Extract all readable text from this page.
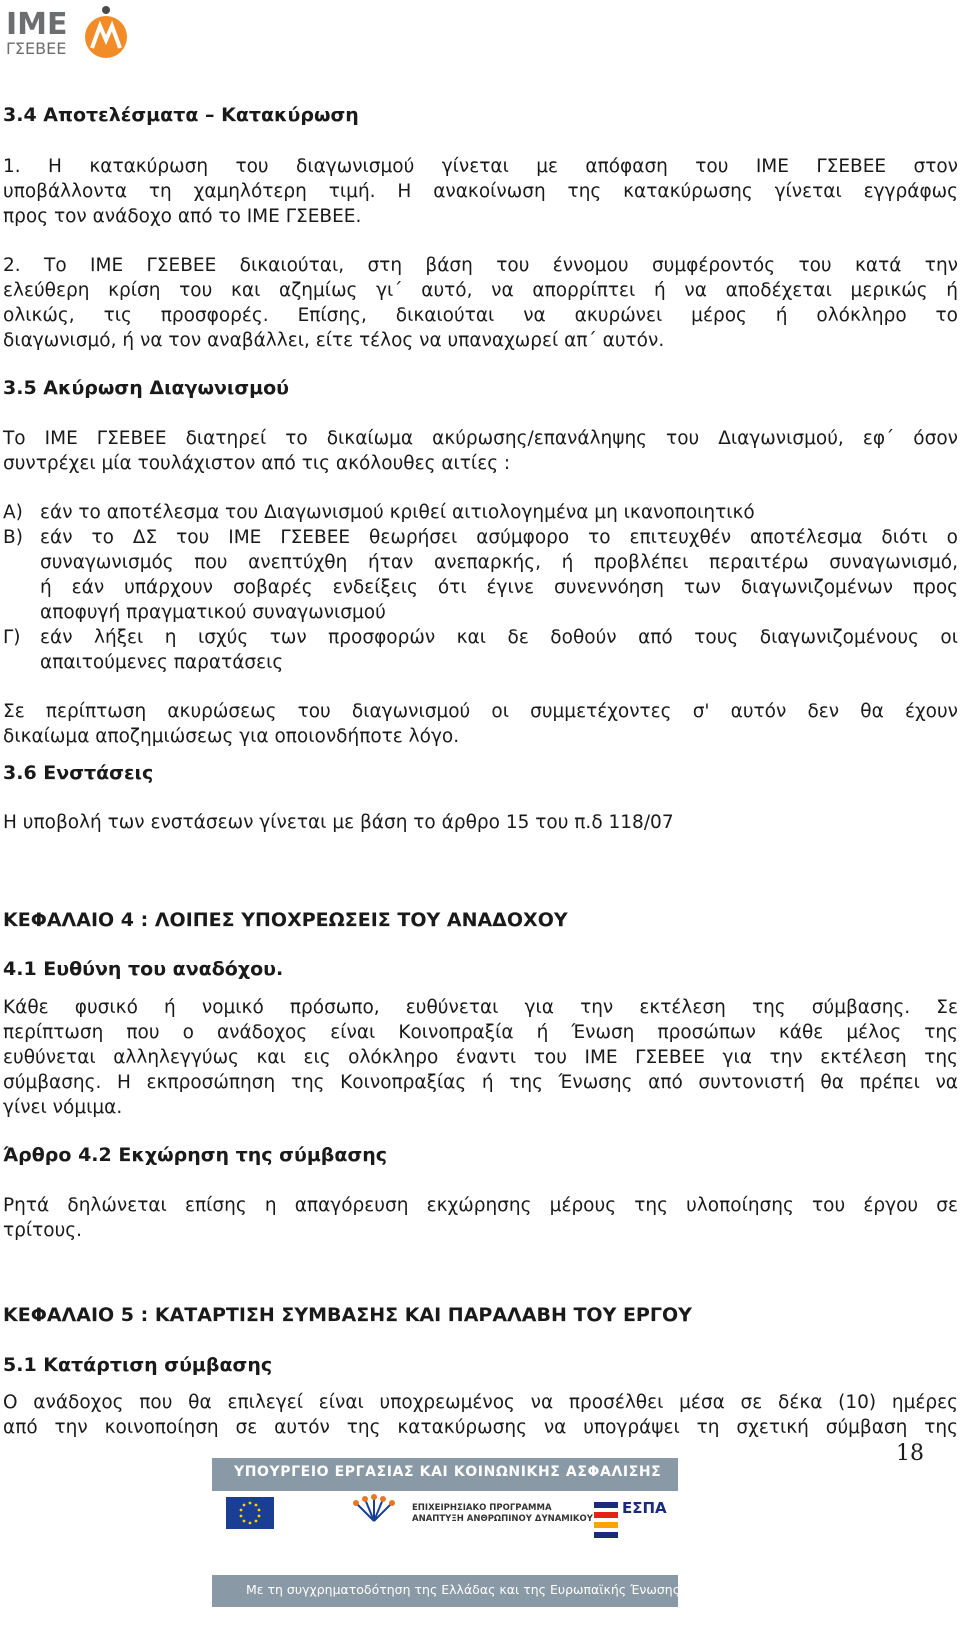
ΙΜΕ
ΓΣΕΒΕΕ
3.4 Αποτελέσματα – Κατακύρωση
1. Η κατακύρωση του διαγωνισμού γίνεται με απόφαση του ΙΜΕ ΓΣΕΒΕΕ στον
υποβάλλοντα τη χαμηλότερη τιμή. Η ανακοίνωση της κατακύρωσης γίνεται εγγράφως
προς τον ανάδοχο από το ΙΜΕ ΓΣΕΒΕΕ.
2. Το ΙΜΕ ΓΣΕΒΕΕ δικαιούται, στη βάση του έννομου συμφέροντός του κατά την
ελεύθερη κρίση του και αζημίως γι΄ αυτό, να απορρίπτει ή να αποδέχεται μερικώς ή
ολικώς, τις προσφορές. Επίσης, δικαιούται να ακυρώνει μέρος ή ολόκληρο το
διαγωνισμό, ή να τον αναβάλλει, είτε τέλος να υπαναχωρεί απ΄ αυτόν.
3.5 Ακύρωση Διαγωνισμού
Το ΙΜΕ ΓΣΕΒΕΕ διατηρεί το δικαίωμα ακύρωσης/επανάληψης του Διαγωνισμού, εφ΄ όσον
συντρέχει μία τουλάχιστον από τις ακόλουθες αιτίες :
Α) εάν το αποτέλεσμα του Διαγωνισμού κριθεί αιτιολογημένα μη ικανοποιητικό
Β) εάν το ΔΣ του ΙΜΕ ΓΣΕΒΕΕ θεωρήσει ασύμφορο το επιτευχθέν αποτέλεσμα διότι ο
συναγωνισμός που ανεπτύχθη ήταν ανεπαρκής, ή προβλέπει περαιτέρω συναγωνισμό,
ή εάν υπάρχουν σοβαρές ενδείξεις ότι έγινε συνεννόηση των διαγωνιζομένων προς
αποφυγή πραγματικού συναγωνισμού
Γ) εάν λήξει η ισχύς των προσφορών και δε δοθούν από τους διαγωνιζομένους οι
απαιτούμενες παρατάσεις
Σε περίπτωση ακυρώσεως του διαγωνισμού οι συμμετέχοντες σ' αυτόν δεν θα έχουν
δικαίωμα αποζημιώσεως για οποιονδήποτε λόγο.
3.6 Ενστάσεις
Η υποβολή των ενστάσεων γίνεται με βάση το άρθρο 15 του π.δ 118/07
ΚΕΦΑΛΑΙΟ 4 : ΛΟΙΠΕΣ ΥΠΟΧΡΕΩΣΕΙΣ ΤΟΥ ΑΝΑΔΟΧΟΥ
4.1 Ευθύνη του αναδόχου.
Κάθε φυσικό ή νομικό πρόσωπο, ευθύνεται για την εκτέλεση της σύμβασης. Σε
περίπτωση που ο ανάδοχος είναι Κοινοπραξία ή Ένωση προσώπων κάθε μέλος της
ευθύνεται αλληλεγγύως και εις ολόκληρο έναντι του ΙΜΕ ΓΣΕΒΕΕ για την εκτέλεση της
σύμβασης. Η εκπροσώπηση της Κοινοπραξίας ή της Ένωσης από συντονιστή θα πρέπει να
γίνει νόμιμα.
Άρθρο 4.2 Εκχώρηση της σύμβασης
Ρητά δηλώνεται επίσης η απαγόρευση εκχώρησης μέρους της υλοποίησης του έργου σε
τρίτους.
ΚΕΦΑΛΑΙΟ 5 : ΚΑΤΑΡΤΙΣΗ ΣΥΜΒΑΣΗΣ ΚΑΙ ΠΑΡΑΛΑΒΗ ΤΟΥ ΕΡΓΟΥ
5.1 Κατάρτιση σύμβασης
Ο ανάδοχος που θα επιλεγεί είναι υποχρεωμένος να προσέλθει μέσα σε δέκα (10) ημέρες
από την κοινοποίηση σε αυτόν της κατακύρωσης να υπογράψει τη σχετική σύμβαση της
18
ΥΠΟΥΡΓΕΙΟ ΕΡΓΑΣΙΑΣ ΚΑΙ ΚΟΙΝΩΝΙΚΗΣ ΑΣΦΑΛΙΣΗΣ
ΕΠΙΧΕΙΡΗΣΙΑΚΟ ΠΡΟΓΡΑΜΜΑ
ΑΝΑΠΤΥΞΗ ΑΝΘΡΩΠΙΝΟΥ ΔΥΝΑΜΙΚΟΥ
ΕΣΠΑ
Με τη συγχρηματοδότηση της Ελλάδας και της Ευρωπαϊκής Ένωσης
